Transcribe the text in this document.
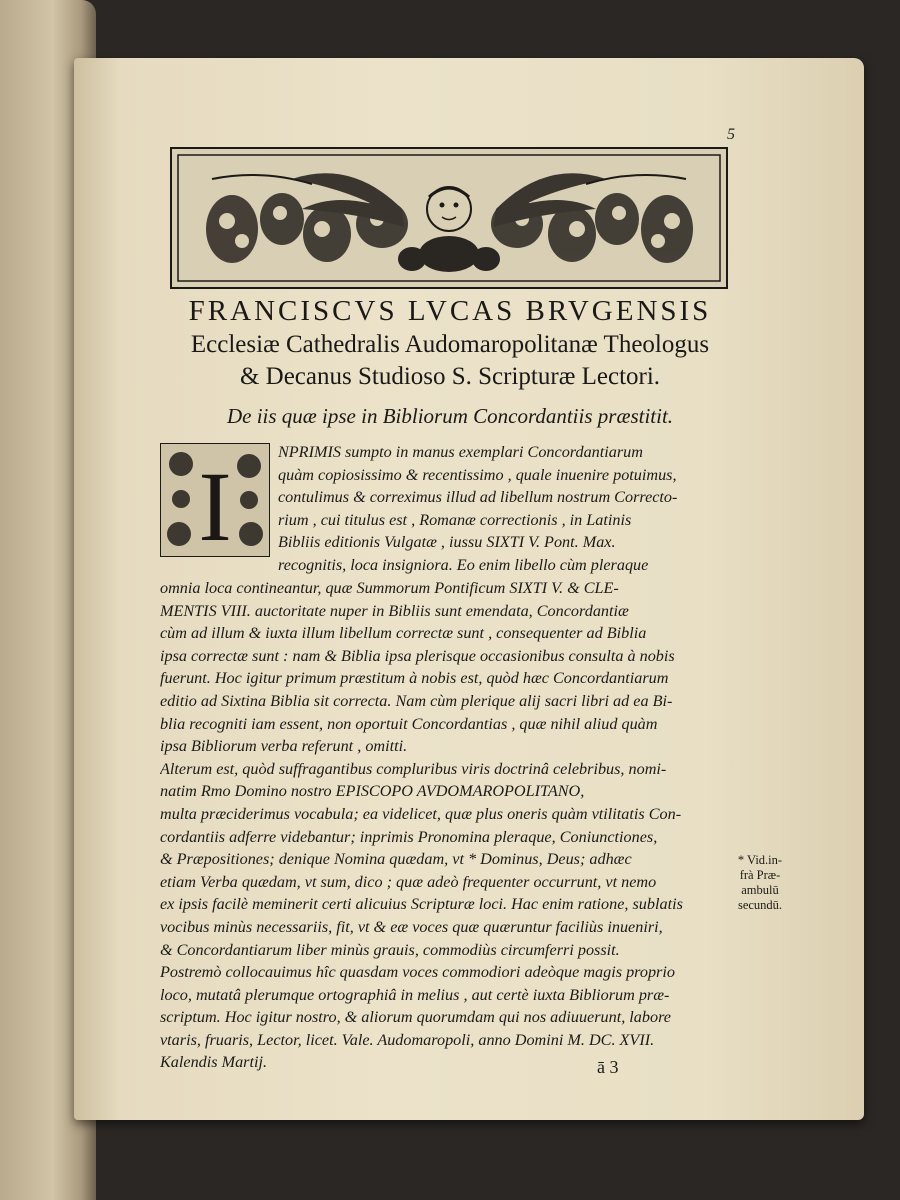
5
FRANCISCVS LVCAS BRVGENSIS
Ecclesiæ Cathedralis Audomaropolitanæ Theologus
& Decanus Studioso S. Scripturæ Lectori.
De iis quæ ipse in Bibliorum Concordantiis præstitit.
I	NPRIMIS sumpto in manus exemplari Concordantiarum
quàm copiosissimo & recentissimo , quale inuenire potuimus,
contulimus & correximus illud ad libellum nostrum Correcto-
rium , cui titulus est , Romanæ correctionis , in Latinis
Bibliis editionis Vulgatæ , iussu SIXTI V. Pont. Max.
recognitis, loca insigniora. Eo enim libello cùm pleraque
omnia loca contineantur, quæ Summorum Pontificum SIXTI V. & CLE-
MENTIS VIII. auctoritate nuper in Bibliis sunt emendata, Concordantiæ
cùm ad illum & iuxta illum libellum correctæ sunt , consequenter ad Biblia
ipsa correctæ sunt : nam & Biblia ipsa plerisque occasionibus consulta à nobis
fuerunt. Hoc igitur primum præstitum à nobis est, quòd hæc Concordantiarum
editio ad Sixtina Biblia sit correcta. Nam cùm plerique alij sacri libri ad ea Bi-
blia recogniti iam essent, non oportuit Concordantias , quæ nihil aliud quàm
ipsa Bibliorum verba referunt , omitti.
Alterum est, quòd suffragantibus compluribus viris doctrinâ celebribus, nomi-
natim Rmo Domino nostro EPISCOPO AVDOMAROPOLITANO,
multa præciderimus vocabula; ea videlicet, quæ plus oneris quàm vtilitatis Con-
cordantiis adferre videbantur; inprimis Pronomina pleraque, Coniunctiones,
& Præpositiones; denique Nomina quædam, vt * Dominus, Deus; adhæc
etiam Verba quædam, vt sum, dico ; quæ adeò frequenter occurrunt, vt nemo
ex ipsis facilè meminerit certi alicuius Scripturæ loci. Hac enim ratione, sublatis
vocibus minùs necessariis, fit, vt & eæ voces quæ quæruntur faciliùs inueniri,
& Concordantiarum liber minùs grauis, commodiùs circumferri possit.
Postremò collocauimus hîc quasdam voces commodiori adeòque magis proprio
loco, mutatâ plerumque ortographiâ in melius , aut certè iuxta Bibliorum præ-
scriptum. Hoc igitur nostro, & aliorum quorumdam qui nos adiuuerunt, labore
vtaris, fruaris, Lector, licet. Vale. Audomaropoli, anno Domini M. DC. XVII.
Kalendis Martij.
* Vid.in-
frà Præ-
ambulū
secundū.
ā 3
